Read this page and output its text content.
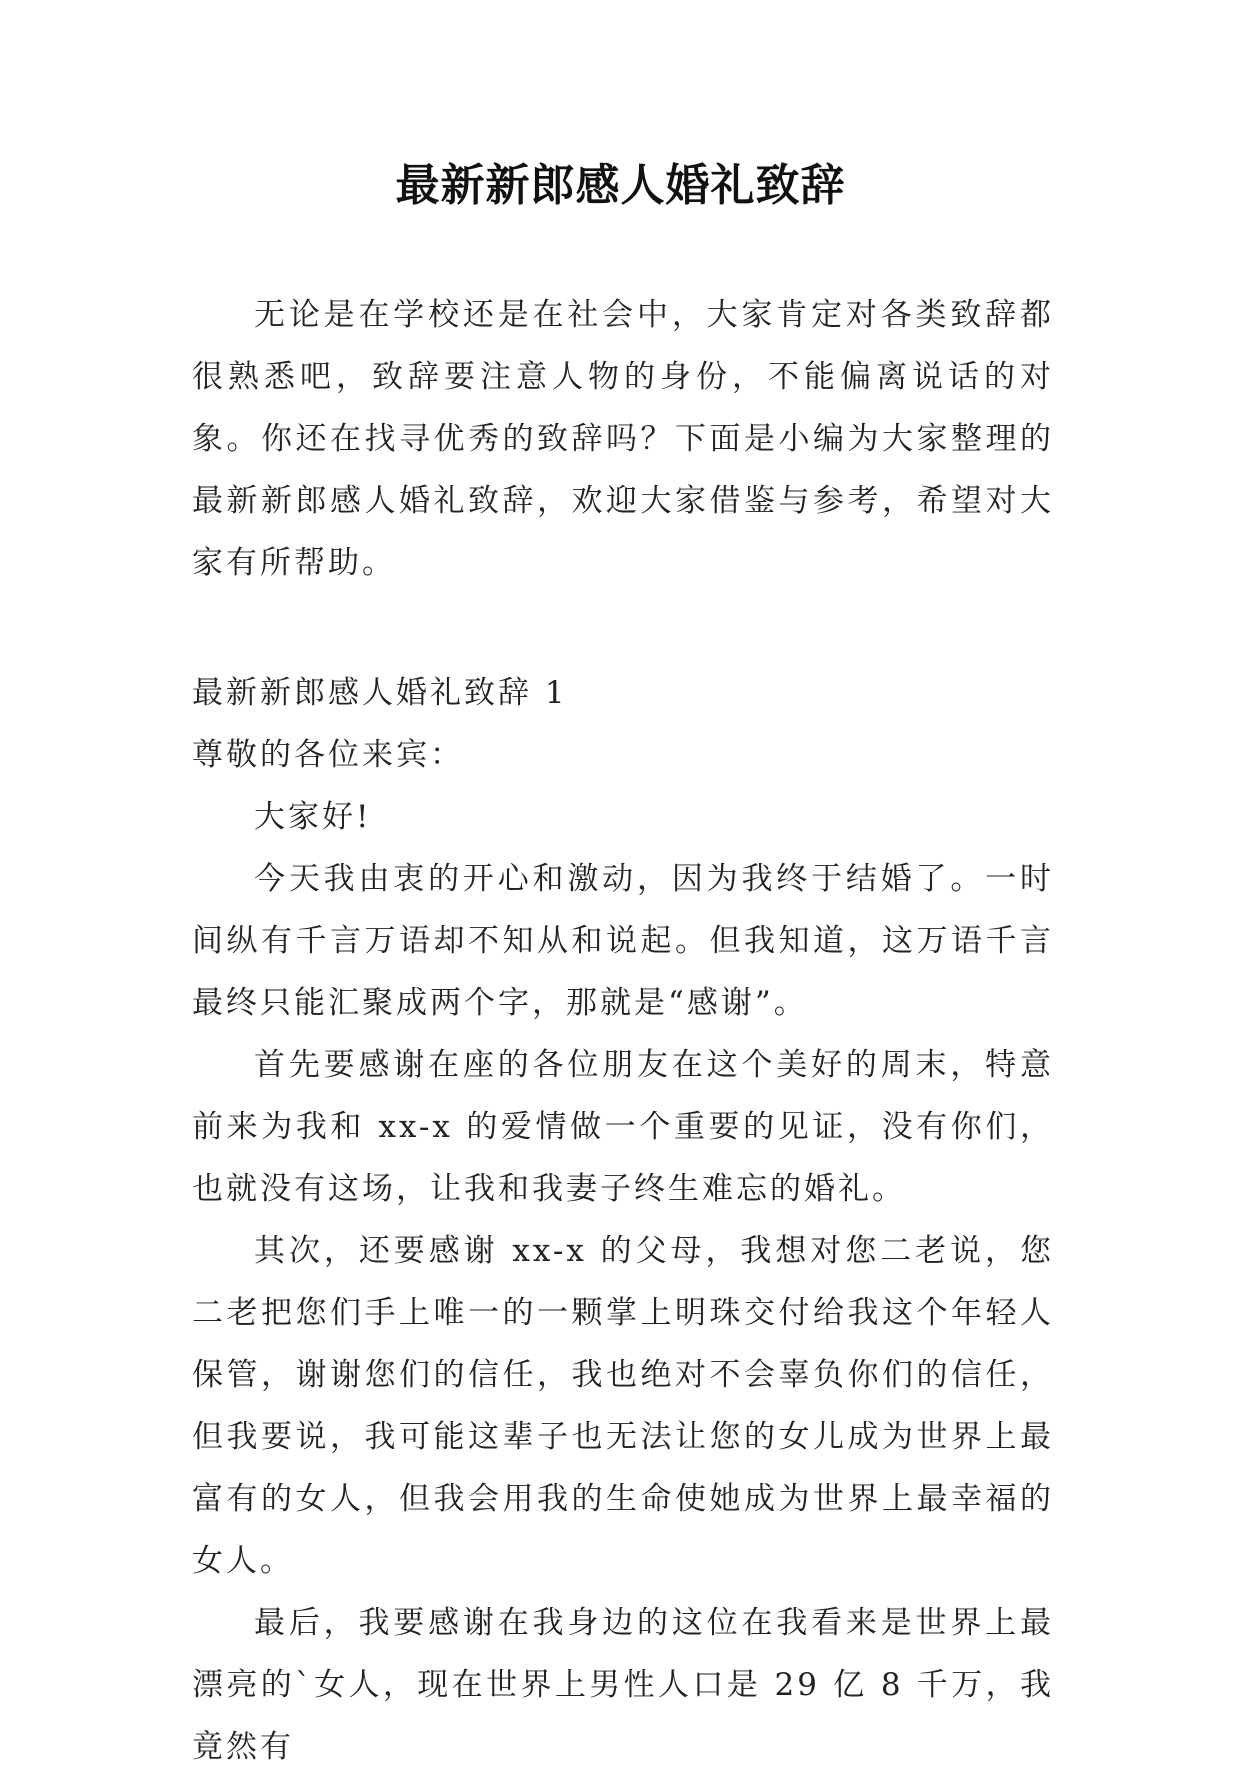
最新新郎感人婚礼致辞

无论是在学校还是在社会中，大家肯定对各类致辞都很熟悉吧，致辞要注意人物的身份，不能偏离说话的对象。你还在找寻优秀的致辞吗？下面是小编为大家整理的最新新郎感人婚礼致辞，欢迎大家借鉴与参考，希望对大家有所帮助。

最新新郎感人婚礼致辞 1

尊敬的各位来宾：

大家好!

今天我由衷的开心和激动，因为我终于结婚了。一时间纵有千言万语却不知从和说起。但我知道，这万语千言最终只能汇聚成两个字，那就是“感谢”。

首先要感谢在座的各位朋友在这个美好的周末，特意前来为我和 xx-x 的爱情做一个重要的见证，没有你们，也就没有这场，让我和我妻子终生难忘的婚礼。

其次，还要感谢 xx-x 的父母，我想对您二老说，您二老把您们手上唯一的一颗掌上明珠交付给我这个年轻人保管，谢谢您们的信任，我也绝对不会辜负你们的信任，但我要说，我可能这辈子也无法让您的女儿成为世界上最富有的女人，但我会用我的生命使她成为世界上最幸福的女人。

最后，我要感谢在我身边的这位在我看来是世界上最漂亮的`女人，现在世界上男性人口是 29 亿 8 千万，我竟然有
